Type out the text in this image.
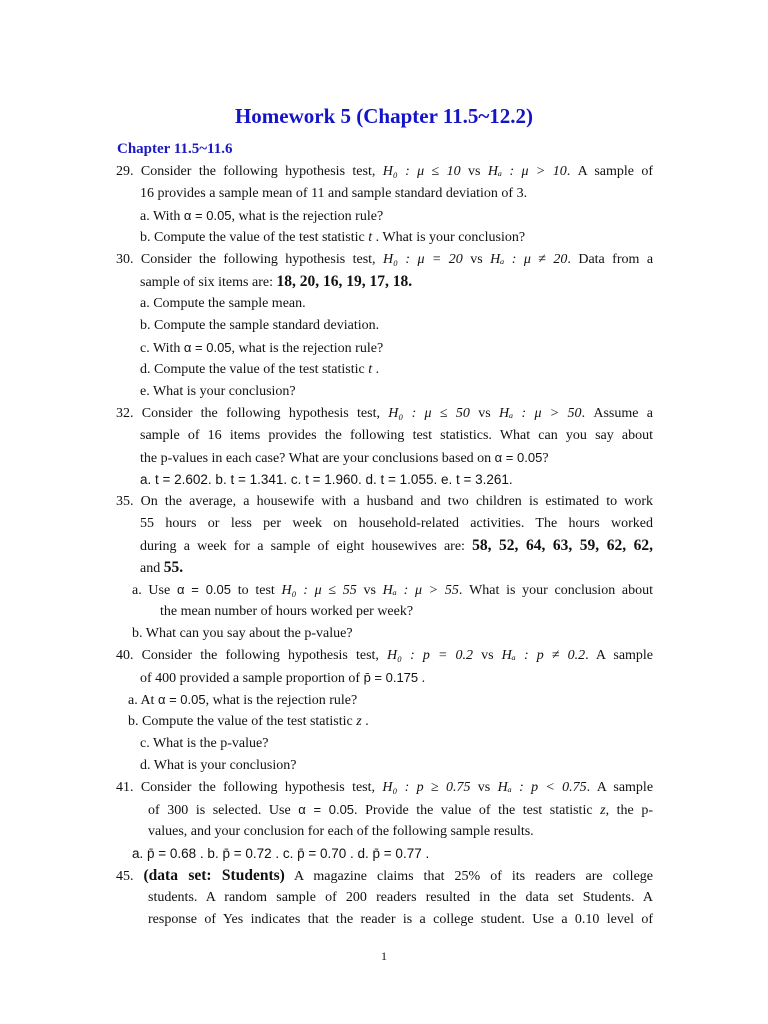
Homework 5 (Chapter 11.5~12.2)
Chapter 11.5~11.6
29. Consider the following hypothesis test, H₀ : μ ≤ 10 vs Hₐ : μ > 10. A sample of
16 provides a sample mean of 11 and sample standard deviation of 3.
a. With α = 0.05, what is the rejection rule?
b. Compute the value of the test statistic t . What is your conclusion?
30. Consider the following hypothesis test, H₀ : μ = 20 vs Hₐ : μ ≠ 20. Data from a
sample of six items are: 18, 20, 16, 19, 17, 18.
a. Compute the sample mean.
b. Compute the sample standard deviation.
c. With α = 0.05, what is the rejection rule?
d. Compute the value of the test statistic t .
e. What is your conclusion?
32. Consider the following hypothesis test, H₀ : μ ≤ 50 vs Hₐ : μ > 50. Assume a
sample of 16 items provides the following test statistics. What can you say about
the p-values in each case? What are your conclusions based on α = 0.05?
a. t = 2.602. b. t = 1.341. c. t = 1.960. d. t = 1.055. e. t = 3.261.
35. On the average, a housewife with a husband and two children is estimated to work
55 hours or less per week on household-related activities. The hours worked
during a week for a sample of eight housewives are: 58, 52, 64, 63, 59, 62, 62,
and 55.
a. Use α = 0.05 to test H₀ : μ ≤ 55 vs Hₐ : μ > 55. What is your conclusion about
the mean number of hours worked per week?
b. What can you say about the p-value?
40. Consider the following hypothesis test, H₀ : p = 0.2 vs Hₐ : p ≠ 0.2. A sample
of 400 provided a sample proportion of p̄ = 0.175 .
a. At α = 0.05, what is the rejection rule?
b. Compute the value of the test statistic z .
c. What is the p-value?
d. What is your conclusion?
41. Consider the following hypothesis test, H₀ : p ≥ 0.75 vs Hₐ : p < 0.75. A sample
of 300 is selected. Use α = 0.05. Provide the value of the test statistic z, the p-
values, and your conclusion for each of the following sample results.
a. p̄ = 0.68 . b. p̄ = 0.72 . c. p̄ = 0.70 . d. p̄ = 0.77 .
45. (data set: Students) A magazine claims that 25% of its readers are college
students. A random sample of 200 readers resulted in the data set Students. A
response of Yes indicates that the reader is a college student. Use a 0.10 level of
1
